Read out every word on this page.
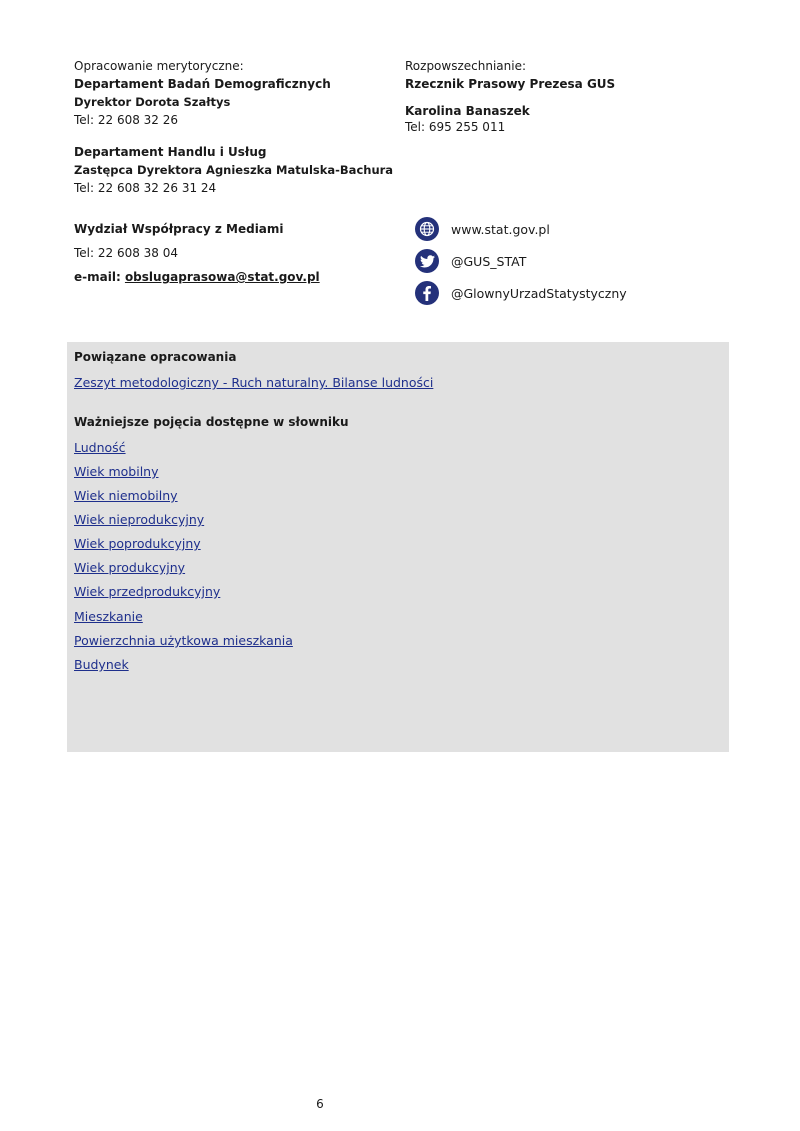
Opracowanie merytoryczne:
Departament Badań Demograficznych
Dyrektor Dorota Szałtys
Tel: 22 608 32 26
Departament Handlu i Usług
Zastępca Dyrektora Agnieszka Matulska-Bachura
Tel: 22 608 32 26 31 24
Wydział Współpracy z Mediami
Tel: 22 608 38 04
e-mail: obslugaprasowa@stat.gov.pl
Rozpowszechnianie:
Rzecznik Prasowy Prezesa GUS
Karolina Banaszek
Tel: 695 255 011
www.stat.gov.pl
@GUS_STAT
@GlownyUrzadStatystyczny
Powiązane opracowania
Zeszyt metodologiczny - Ruch naturalny. Bilanse ludności
Ważniejsze pojęcia dostępne w słowniku
Ludność
Wiek mobilny
Wiek niemobilny
Wiek nieprodukcyjny
Wiek poprodukcyjny
Wiek produkcyjny
Wiek przedprodukcyjny
Mieszkanie
Powierzchnia użytkowa mieszkania
Budynek
6
